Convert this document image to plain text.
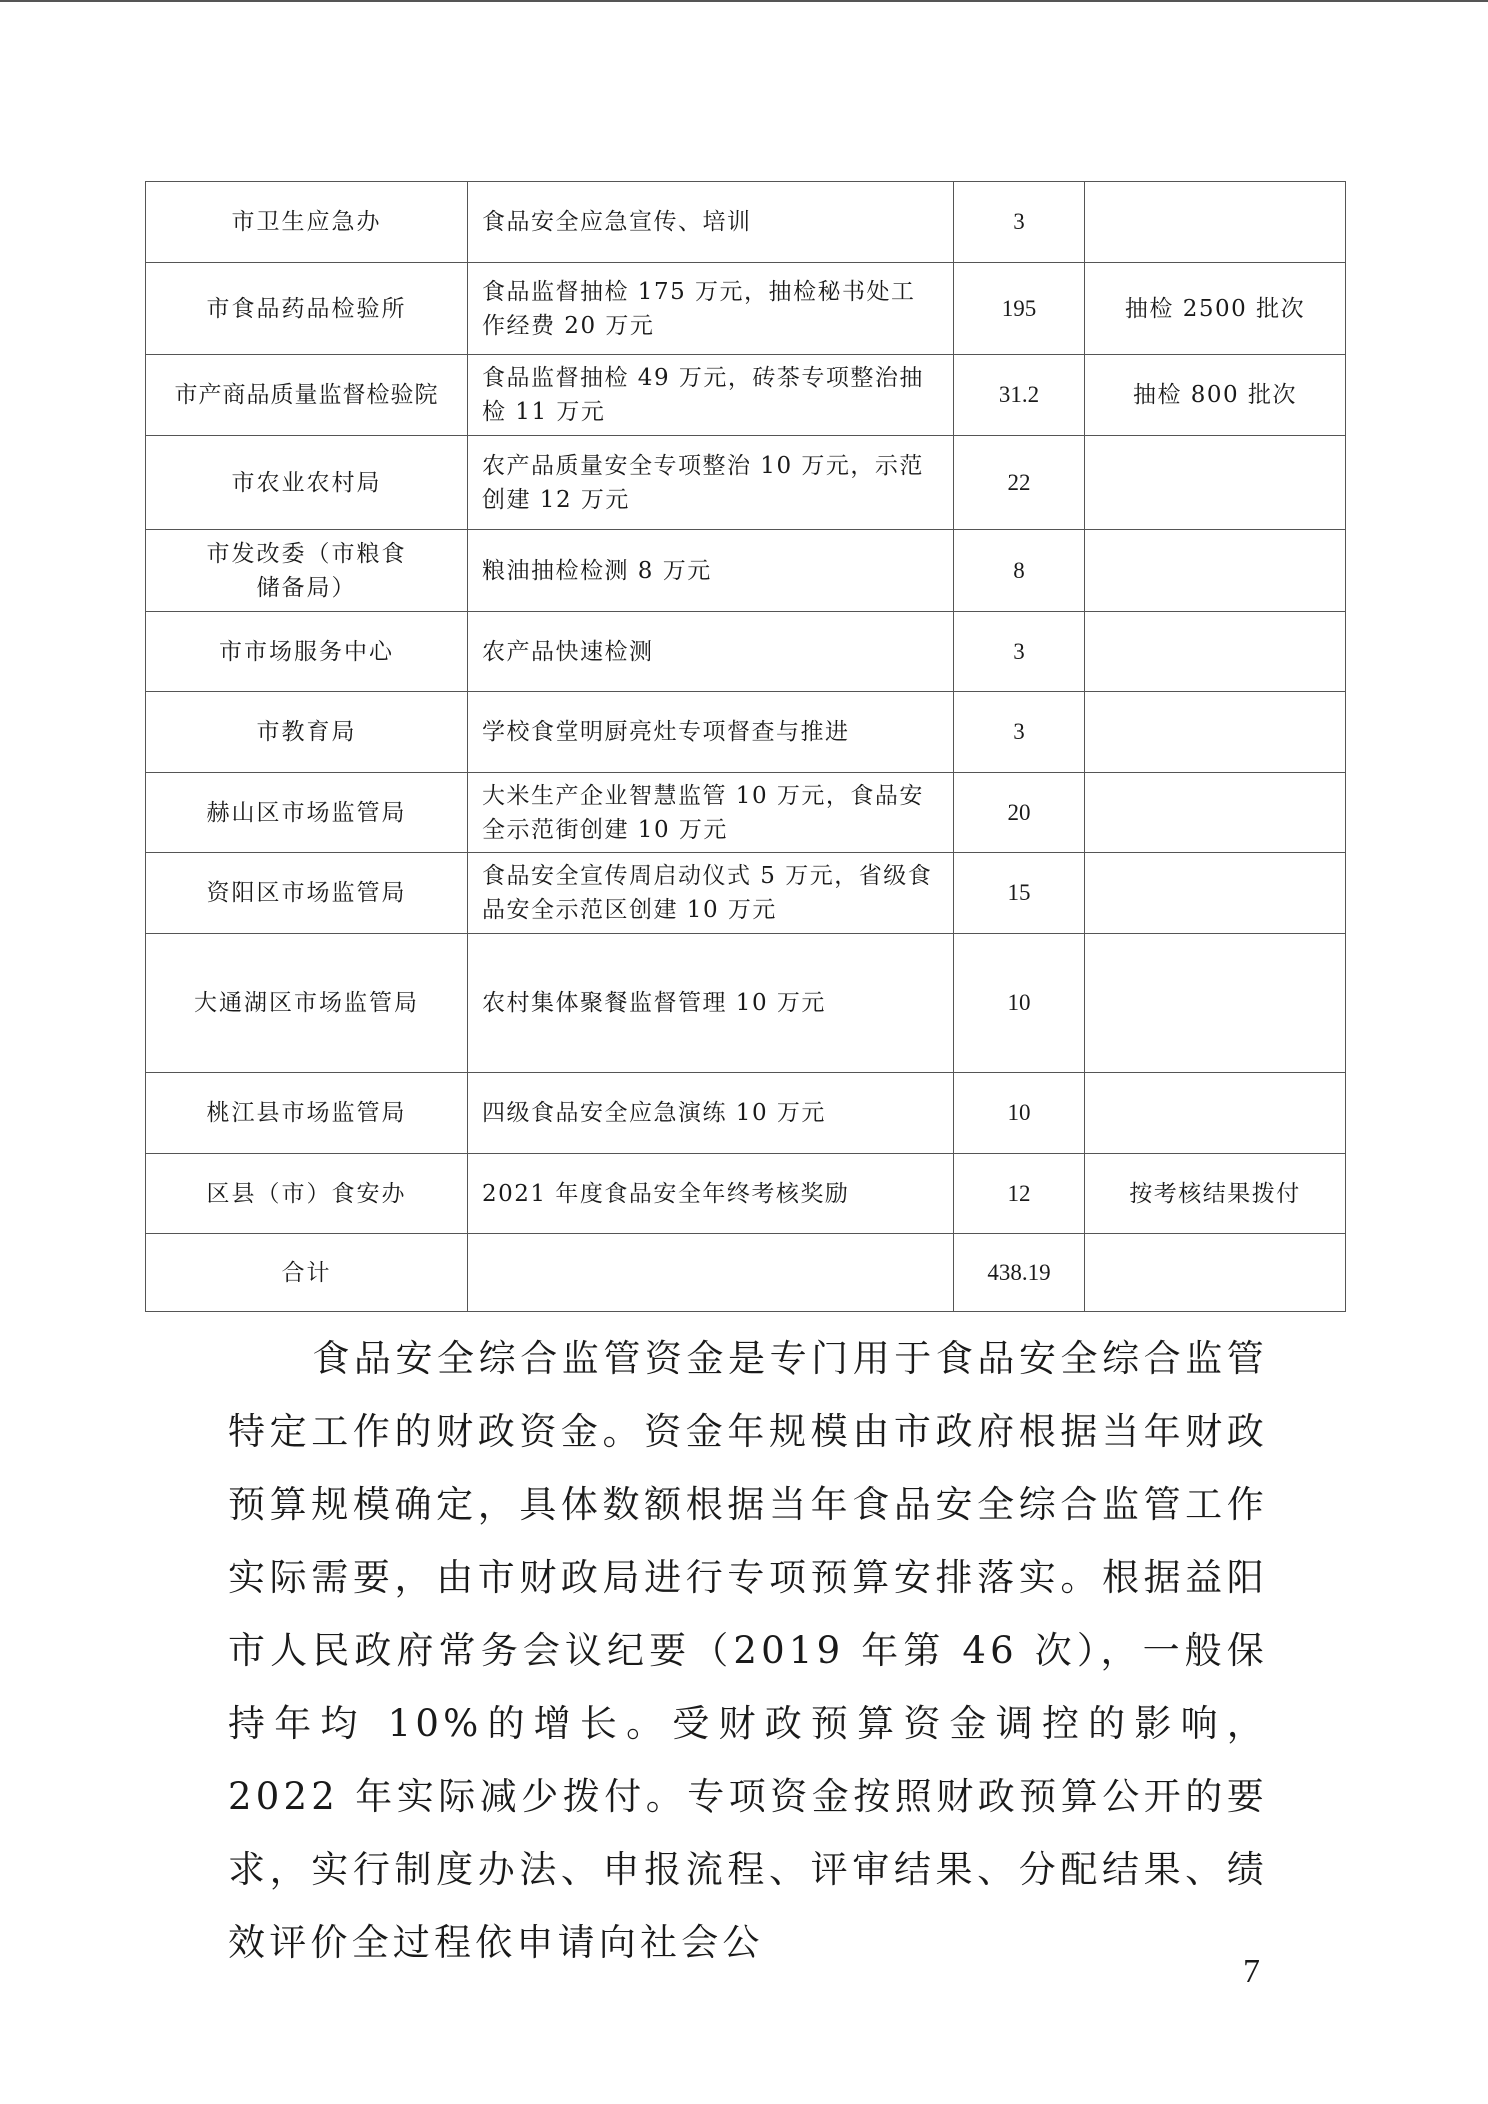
市卫生应急办	食品安全应急宣传、培训	3	
市食品药品检验所	食品监督抽检 175 万元，抽检秘书处工作经费 20 万元	195	抽检 2500 批次
市产商品质量监督检验院	食品监督抽检 49 万元，砖茶专项整治抽检 11 万元	31.2	抽检 800 批次
市农业农村局	农产品质量安全专项整治 10 万元，示范创建 12 万元	22	
市发改委（市粮食储备局）	粮油抽检检测 8 万元	8	
市市场服务中心	农产品快速检测	3	
市教育局	学校食堂明厨亮灶专项督查与推进	3	
赫山区市场监管局	大米生产企业智慧监管 10 万元，食品安全示范街创建 10 万元	20	
资阳区市场监管局	食品安全宣传周启动仪式 5 万元，省级食品安全示范区创建 10 万元	15	
大通湖区市场监管局	农村集体聚餐监督管理 10 万元	10	
桃江县市场监管局	四级食品安全应急演练 10 万元	10	
区县（市）食安办	2021 年度食品安全年终考核奖励	12	按考核结果拨付
合计		438.19	
食品安全综合监管资金是专门用于食品安全综合监管特定工作的财政资金。资金年规模由市政府根据当年财政预算规模确定，具体数额根据当年食品安全综合监管工作实际需要，由市财政局进行专项预算安排落实。根据益阳市人民政府常务会议纪要（2019 年第 46 次），一般保持年均 10%的增长。受财政预算资金调控的影响，2022 年实际减少拨付。专项资金按照财政预算公开的要求，实行制度办法、申报流程、评审结果、分配结果、绩效评价全过程依申请向社会公
7
